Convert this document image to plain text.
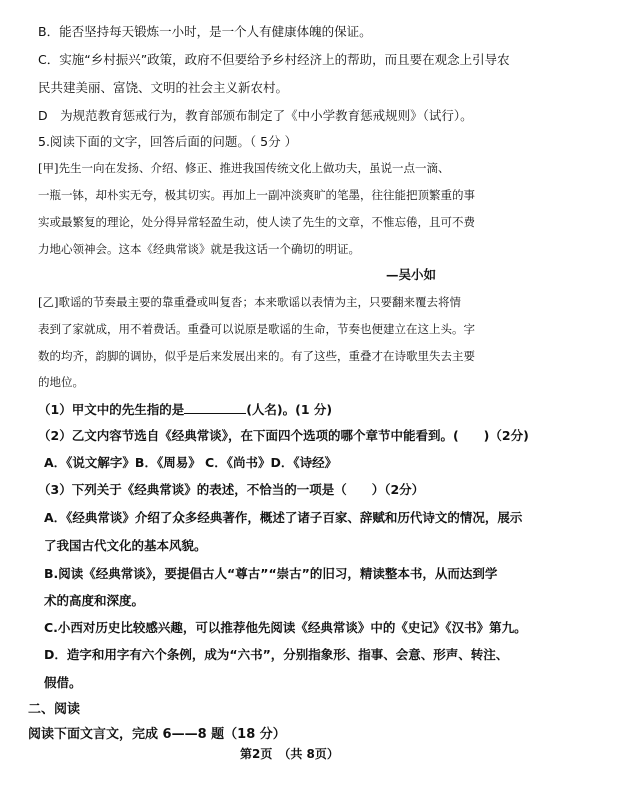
B．能否坚持每天锻炼一小时，是一个人有健康体魄的保证。
C．实施“乡村振兴”政策，政府不但要给予乡村经济上的帮助，而且要在观念上引导农
民共建美丽、富饶、文明的社会主义新农村。
D　为规范教育惩戒行为，教育部颁布制定了《中小学教育惩戒规则》（试行）。
5.阅读下面的文字，回答后面的问题。（ 5分 ）
[甲]先生一向在发扬、介绍、修正、推进我国传统文化上做功夫，虽说一点一滴、
一瓶一钵，却朴实无夸，极其切实。再加上一副冲淡爽旷的笔墨，往往能把顶繁重的事
实或最繁复的理论，处分得异常轻盈生动，使人读了先生的文章，不惟忘倦，且可不费
力地心领神会。这本《经典常谈》就是我这话一个确切的明证。
—吴小如
[乙]歌谣的节奏最主要的靠重叠或叫复沓；本来歌谣以表情为主，只要翻来覆去将情
表到了家就成，用不着费话。重叠可以说原是歌谣的生命，节奏也便建立在这上头。字
数的均齐，韵脚的调协，似乎是后来发展出来的。有了这些，重叠才在诗歌里失去主要
的地位。
（1）甲文中的先生指的是	(人名)。(1 分)
（2）乙文内容节选自《经典常谈》，在下面四个选项的哪个章节中能看到。(　　)（2分)
A．《说文解字》B．《周易》 C．《尚书》D．《诗经》
（3）下列关于《经典常谈》的表述，不恰当的一项是（　　）（2分）
A．《经典常谈》介绍了众多经典著作，概述了诸子百家、辞赋和历代诗文的情况，展示
了我国古代文化的基本风貌。
B.阅读《经典常谈》，要提倡古人“尊古”“崇古”的旧习，精读整本书，从而达到学
术的高度和深度。
C.小西对历史比较感兴趣，可以推荐他先阅读《经典常谈》中的《史记》《汉书》第九。
D．造字和用字有六个条例，成为“六书”，分别指象形、指事、会意、形声、转注、
假借。
二、阅读
阅读下面文言文，完成 6——8 题（18 分）
第2页　（共 8页）
